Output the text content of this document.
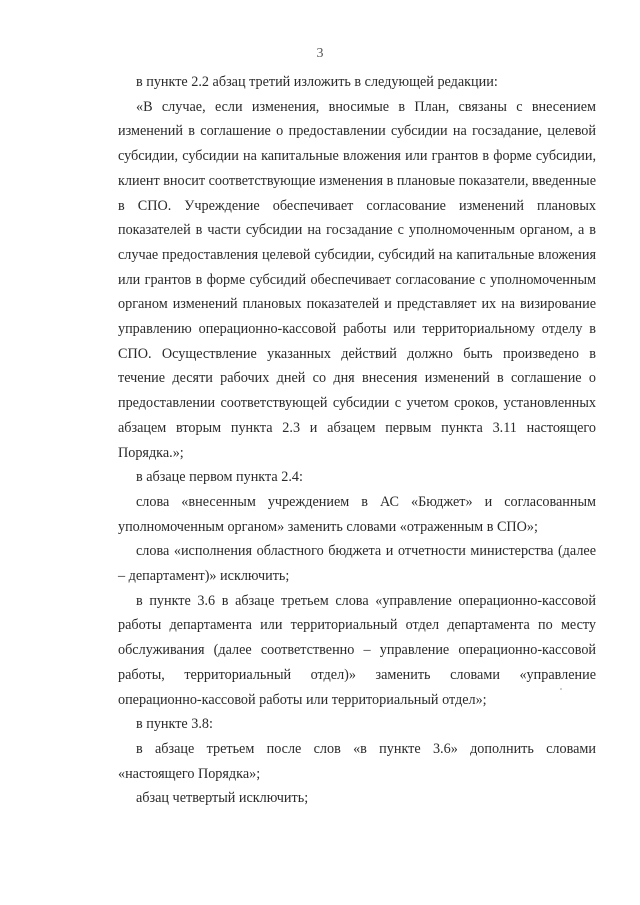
3

в пункте 2.2 абзац третий изложить в следующей редакции:

«В случае, если изменения, вносимые в План, связаны с внесением изменений в соглашение о предоставлении субсидии на госзадание, целевой субсидии, субсидии на капитальные вложения или грантов в форме субсидии, клиент вносит соответствующие изменения в плановые показатели, введенные в СПО. Учреждение обеспечивает согласование изменений плановых показателей в части субсидии на госзадание с уполномоченным органом, а в случае предоставления целевой субсидии, субсидий на капитальные вложения или грантов в форме субсидий обеспечивает согласование с уполномоченным органом изменений плановых показателей и представляет их на визирование управлению операционно-кассовой работы или территориальному отделу в СПО. Осуществление указанных действий должно быть произведено в течение десяти рабочих дней со дня внесения изменений в соглашение о предоставлении соответствующей субсидии с учетом сроков, установленных абзацем вторым пункта 2.3 и абзацем первым пункта 3.11 настоящего Порядка.»;

в абзаце первом пункта 2.4:

слова «внесенным учреждением в АС «Бюджет» и согласованным уполномоченным органом» заменить словами «отраженным в СПО»;

слова «исполнения областного бюджета и отчетности министерства (далее – департамент)» исключить;

в пункте 3.6 в абзаце третьем слова «управление операционно-кассовой работы департамента или территориальный отдел департамента по месту обслуживания (далее соответственно – управление операционно-кассовой работы, территориальный отдел)» заменить словами «управление операционно-кассовой работы или территориальный отдел»;

в пункте 3.8:

в абзаце третьем после слов «в пункте 3.6» дополнить словами «настоящего Порядка»;

абзац четвертый исключить;
